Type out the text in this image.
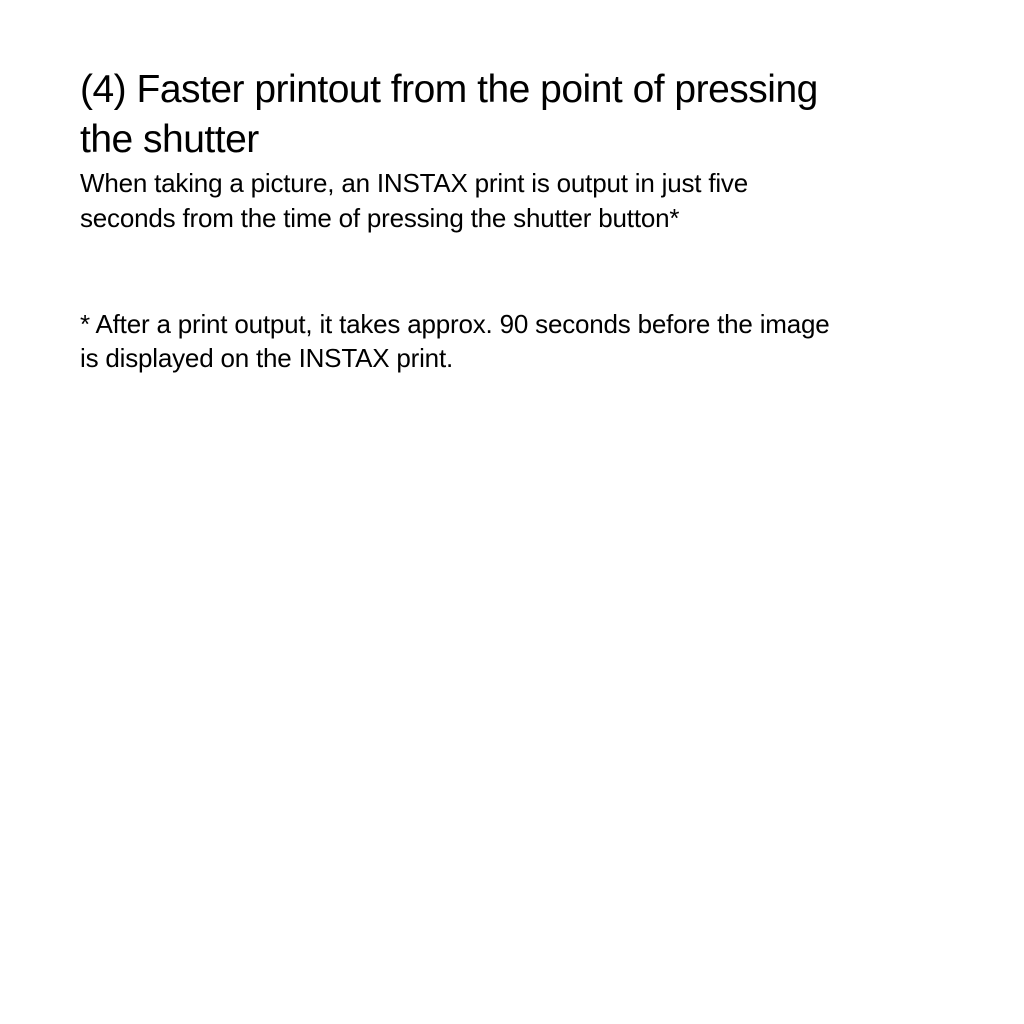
(4) Faster printout from the point of pressing
the shutter

When taking a picture, an INSTAX print is output in just five
seconds from the time of pressing the shutter button*

* After a print output, it takes approx. 90 seconds before the image
is displayed on the INSTAX print.
